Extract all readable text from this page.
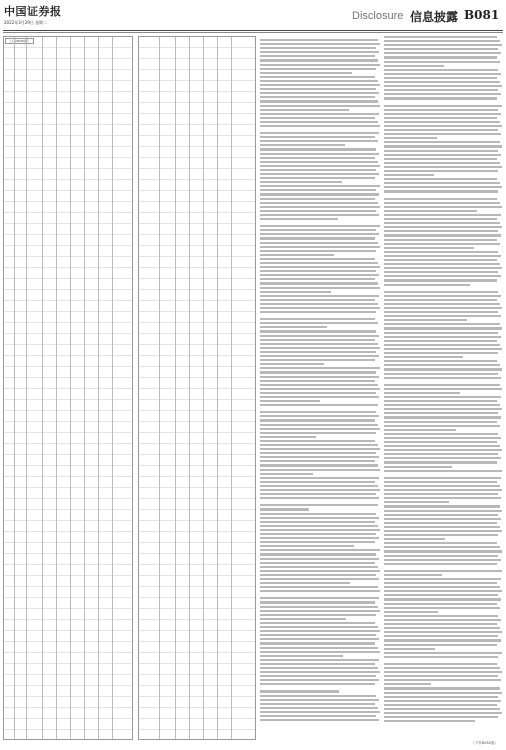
中国证券报
2022年3月29日 星期二
Disclosure 信息披露 B081
（上接B080版）
（下转B082版）
